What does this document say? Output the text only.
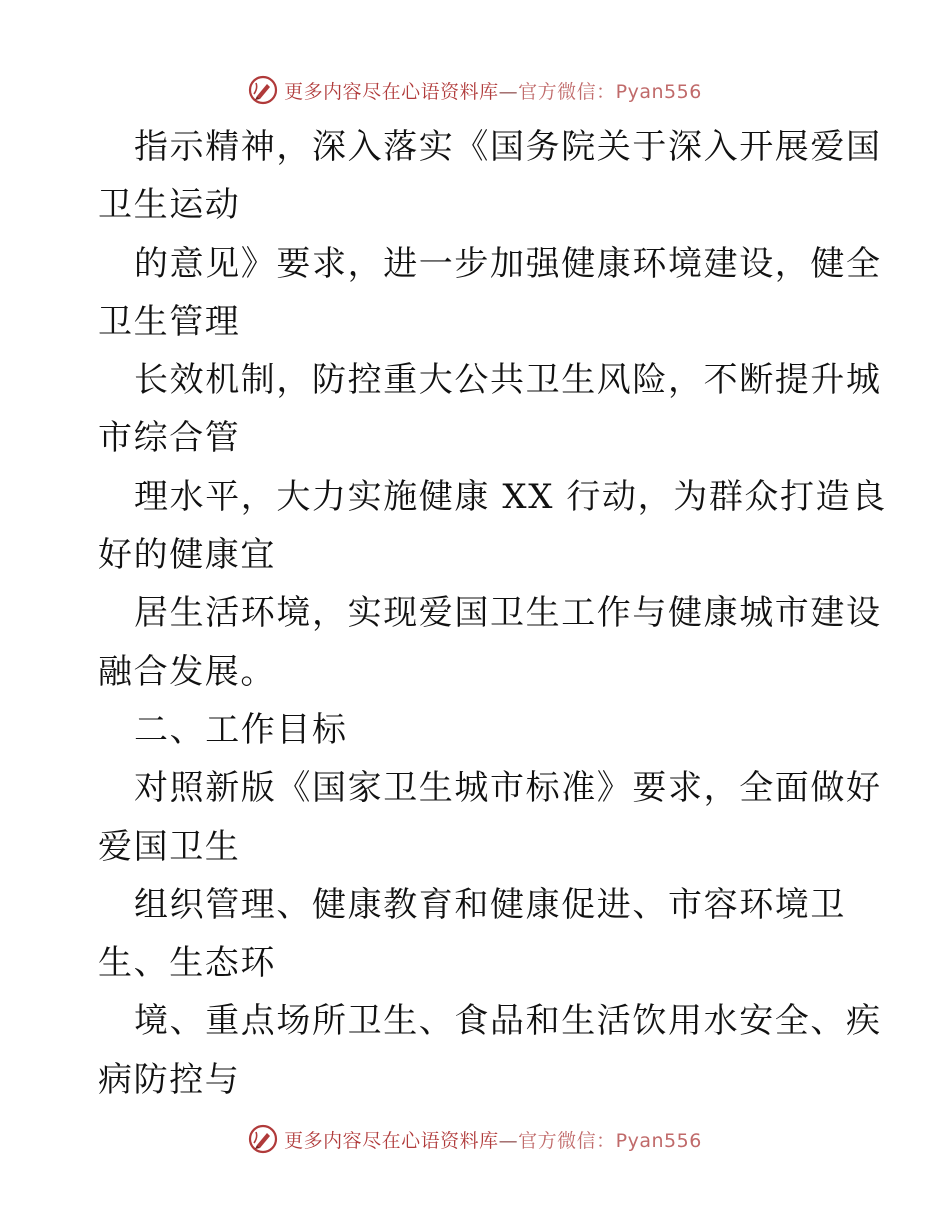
更多内容尽在心语资料库—官方微信：Pyan556
指示精神，深入落实《国务院关于深入开展爱国
卫生运动
的意见》要求，进一步加强健康环境建设，健全
卫生管理
长效机制，防控重大公共卫生风险，不断提升城
市综合管
理水平，大力实施健康 XX 行动，为群众打造良
好的健康宜
居生活环境，实现爱国卫生工作与健康城市建设
融合发展。
二、工作目标
对照新版《国家卫生城市标准》要求，全面做好
爱国卫生
组织管理、健康教育和健康促进、市容环境卫
生、生态环
境、重点场所卫生、食品和生活饮用水安全、疾
病防控与
更多内容尽在心语资料库—官方微信：Pyan556
